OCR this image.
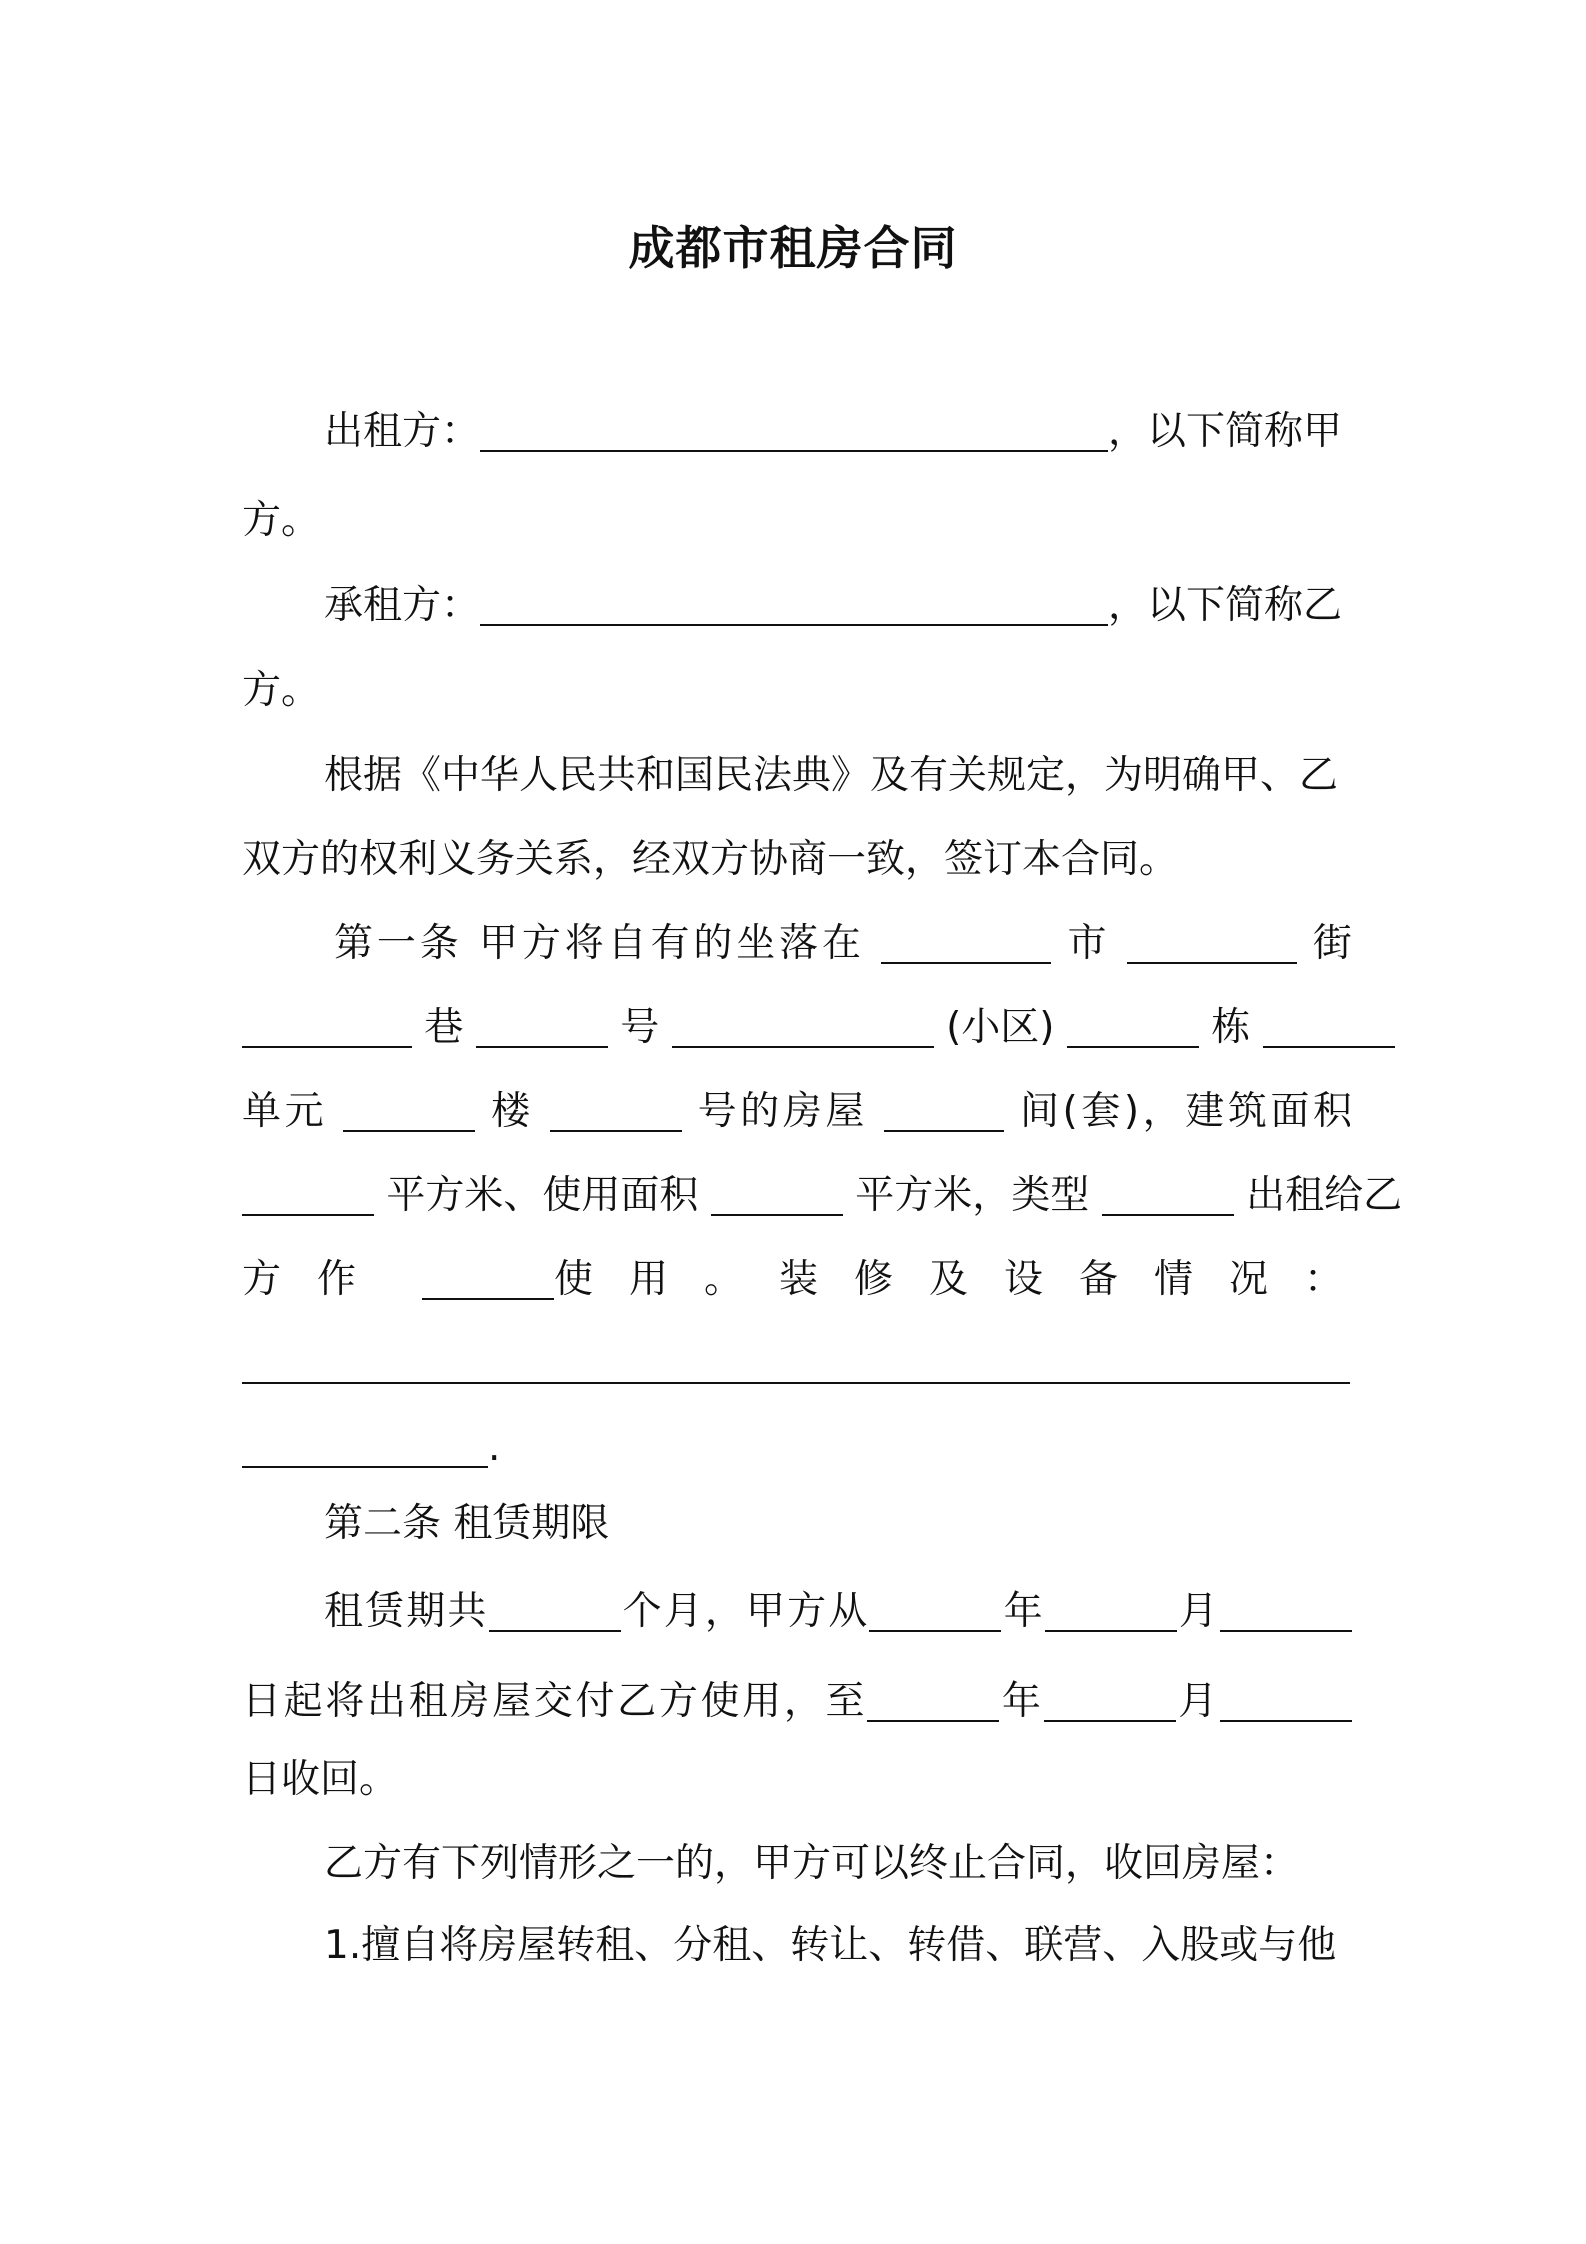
成都市租房合同
出租方：	，以下简称甲
方。
承租方：	，以下简称乙
方。
根据《中华人民共和国民法典》及有关规定，为明确甲、乙
双方的权利义务关系，经双方协商一致，签订本合同。
第一条 甲方将自有的坐落在	市	街
巷	号	(小区)	栋
单元	楼	号的房屋	间(套)，建筑面积
平方米、使用面积	平方米，类型	出租给乙
方作	使用。装修及设备情况：
.
第二条 租赁期限
租赁期共	个月，甲方从	年	月
日起将出租房屋交付乙方使用，至	年	月
日收回。
乙方有下列情形之一的，甲方可以终止合同，收回房屋：
1.擅自将房屋转租、分租、转让、转借、联营、入股或与他
